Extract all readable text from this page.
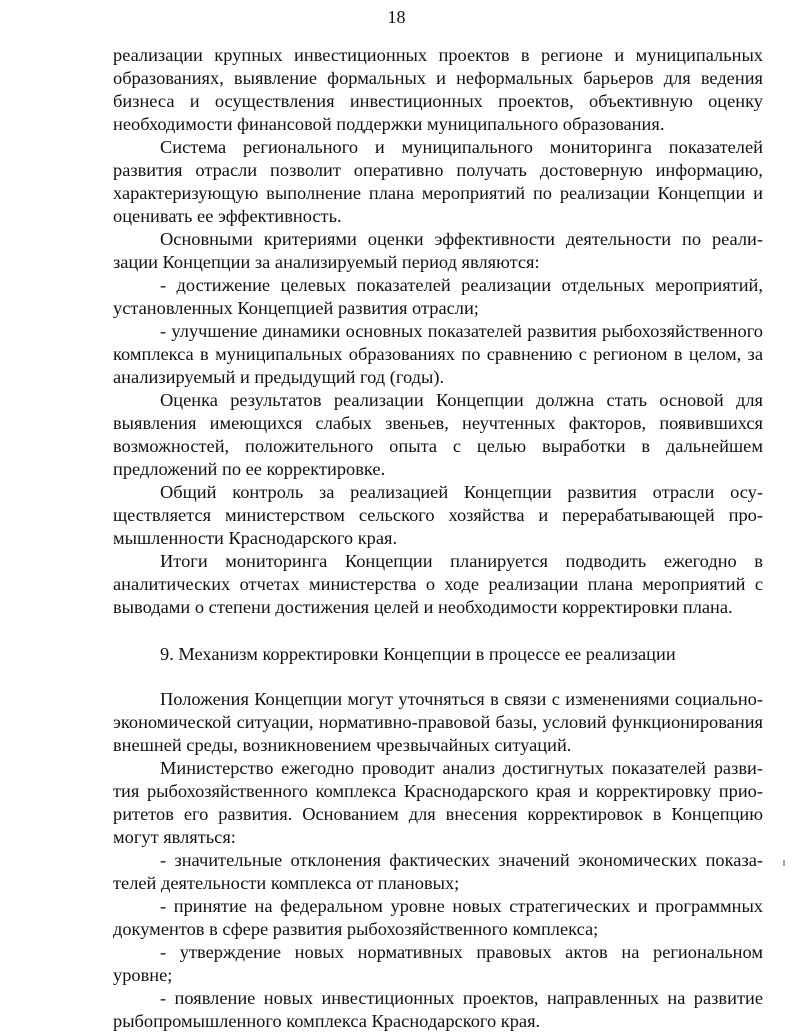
18

реализации крупных инвестиционных проектов в регионе и муниципальных образованиях, выявление формальных и неформальных барьеров для ведения бизнеса и осуществления инвестиционных проектов, объективную оценку необходимости финансовой поддержки муниципального образования.

Система регионального и муниципального мониторинга показателей развития отрасли позволит оперативно получать достоверную информацию, характеризующую выполнение плана мероприятий по реализации Концепции и оценивать ее эффективность.

Основными критериями оценки эффективности деятельности по реализации Концепции за анализируемый период являются:

- достижение целевых показателей реализации отдельных мероприятий, установленных Концепцией развития отрасли;

- улучшение динамики основных показателей развития рыбохозяйственного комплекса в муниципальных образованиях по сравнению с регионом в целом, за анализируемый и предыдущий год (годы).

Оценка результатов реализации Концепции должна стать основой для выявления имеющихся слабых звеньев, неучтенных факторов, появившихся возможностей, положительного опыта с целью выработки в дальнейшем предложений по ее корректировке.

Общий контроль за реализацией Концепции развития отрасли осуществляется министерством сельского хозяйства и перерабатывающей промышленности Краснодарского края.

Итоги мониторинга Концепции планируется подводить ежегодно в аналитических отчетах министерства о ходе реализации плана мероприятий с выводами о степени достижения целей и необходимости корректировки плана.

9. Механизм корректировки Концепции в процессе ее реализации

Положения Концепции могут уточняться в связи с изменениями социально-экономической ситуации, нормативно-правовой базы, условий функционирования внешней среды, возникновением чрезвычайных ситуаций.

Министерство ежегодно проводит анализ достигнутых показателей развития рыбохозяйственного комплекса Краснодарского края и корректировку приоритетов его развития. Основанием для внесения корректировок в Концепцию могут являться:

- значительные отклонения фактических значений экономических показателей деятельности комплекса от плановых;

- принятие на федеральном уровне новых стратегических и программных документов в сфере развития рыбохозяйственного комплекса;

- утверждение новых нормативных правовых актов на региональном уровне;

- появление новых инвестиционных проектов, направленных на развитие рыбопромышленного комплекса Краснодарского края.
